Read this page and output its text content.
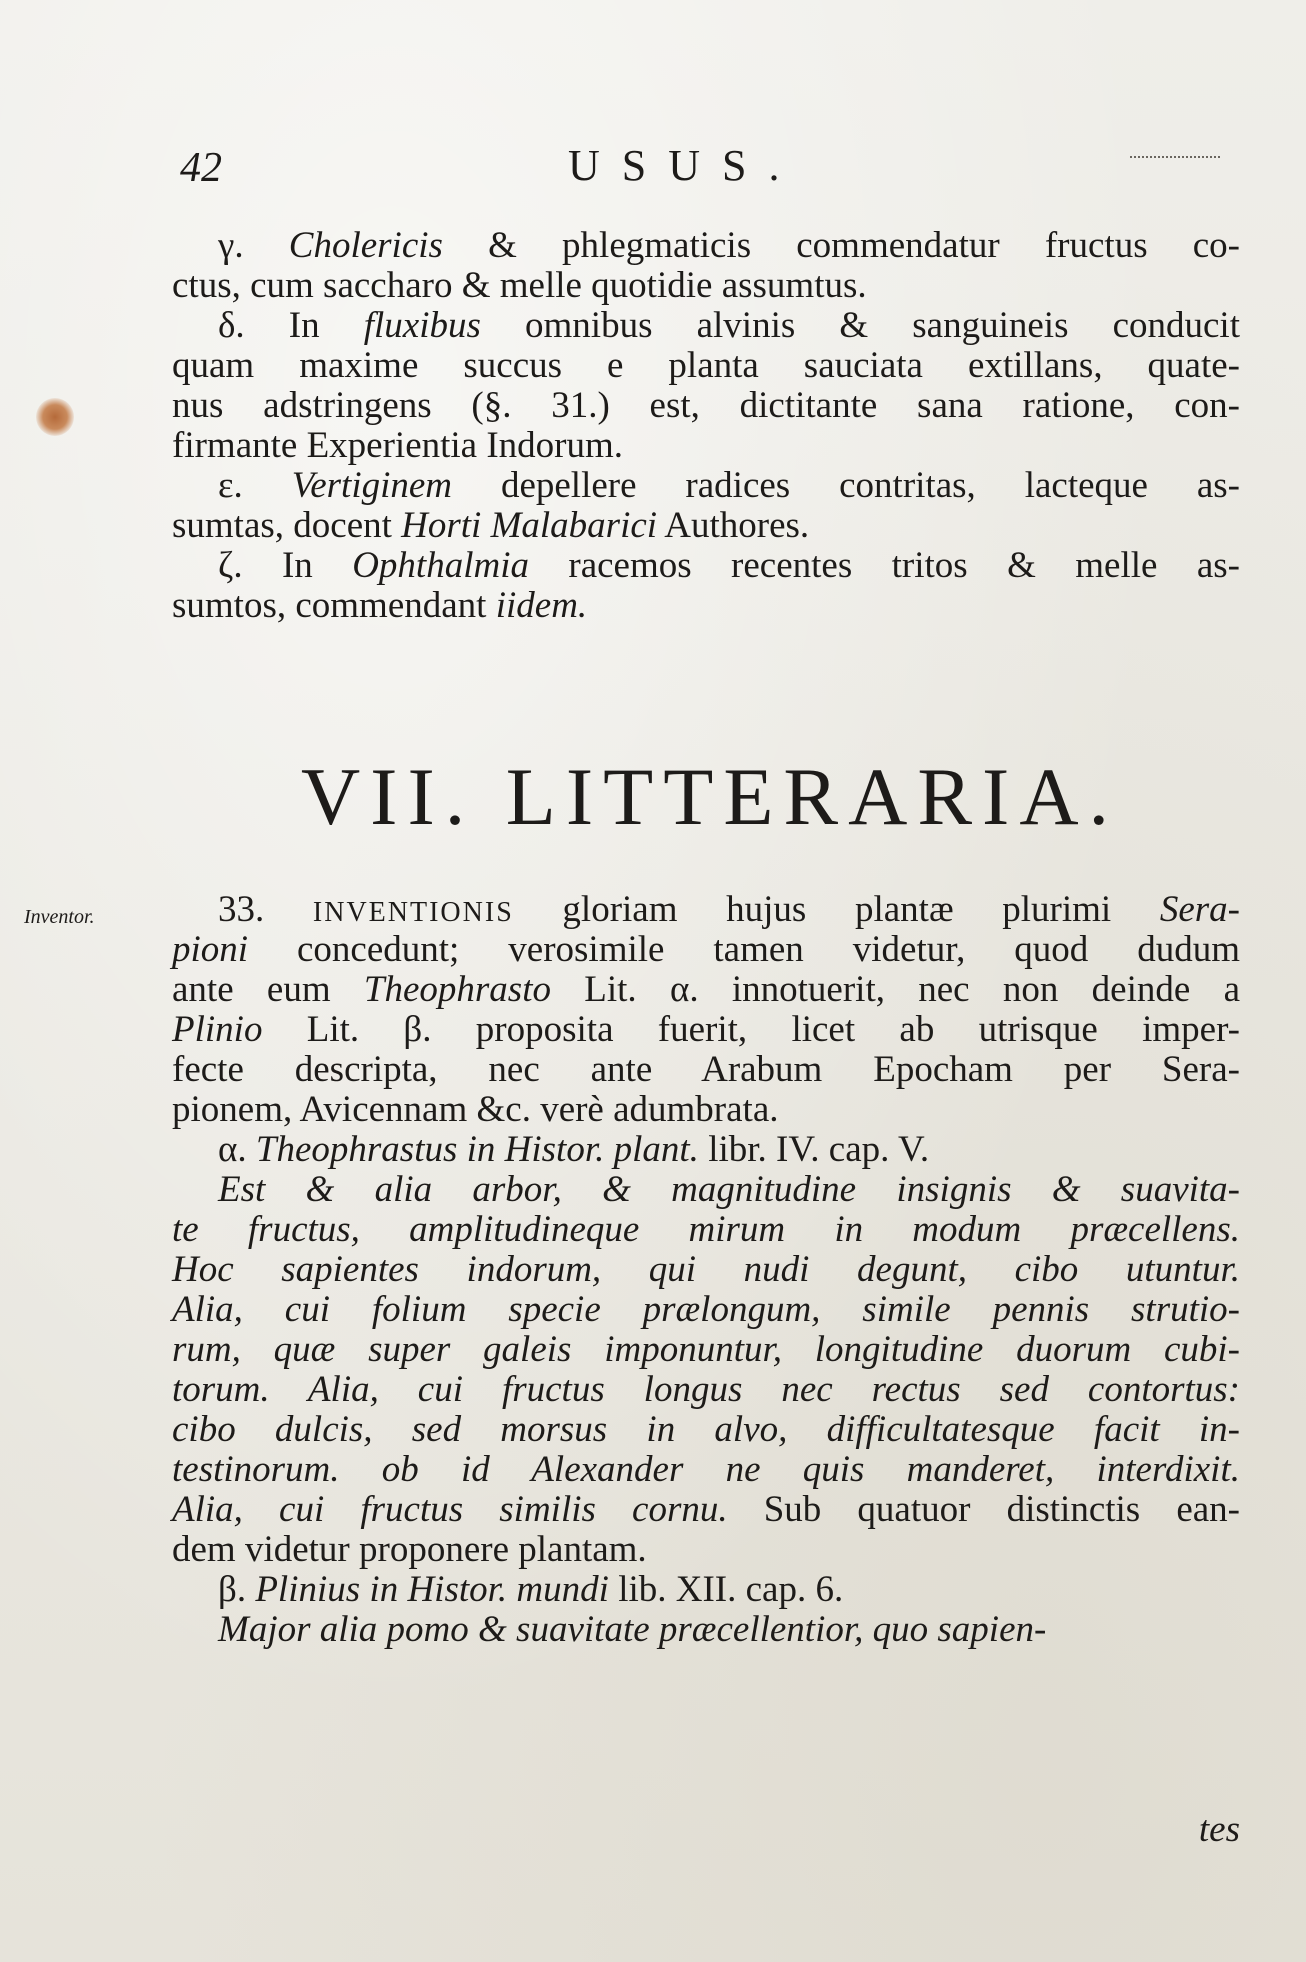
42	USUS.
γ. Cholericis & phlegmaticis commendatur fructus co-
ctus, cum saccharo & melle quotidie assumtus.
δ. In fluxibus omnibus alvinis & sanguineis conducit
quam maxime succus e planta sauciata extillans, quate-
nus adstringens (§. 31.) est, dictitante sana ratione, con-
firmante Experientia Indorum.
ε. Vertiginem depellere radices contritas, lacteque as-
sumtas, docent Horti Malabarici Authores.
ζ. In Ophthalmia racemos recentes tritos & melle as-
sumtos, commendant iidem.
VII. LITTERARIA.
Inventor.	33. INVENTIONIS gloriam hujus plantæ plurimi Sera-
pioni concedunt; verosimile tamen videtur, quod dudum
ante eum Theophrasto Lit. α. innotuerit, nec non deinde a
Plinio Lit. β. proposita fuerit, licet ab utrisque imper-
fecte descripta, nec ante Arabum Epocham per Sera-
pionem, Avicennam &c. verè adumbrata.
α. Theophrastus in Histor. plant. libr. IV. cap. V.
Est & alia arbor, & magnitudine insignis & suavita-
te fructus, amplitudineque mirum in modum præcellens.
Hoc sapientes indorum, qui nudi degunt, cibo utuntur.
Alia, cui folium specie prælongum, simile pennis strutio-
rum, quæ super galeis imponuntur, longitudine duorum cubi-
torum. Alia, cui fructus longus nec rectus sed contortus:
cibo dulcis, sed morsus in alvo, difficultatesque facit in-
testinorum. ob id Alexander ne quis manderet, interdixit.
Alia, cui fructus similis cornu. Sub quatuor distinctis ean-
dem videtur proponere plantam.
β. Plinius in Histor. mundi lib. XII. cap. 6.
Major alia pomo & suavitate præcellentior, quo sapien-
tes
